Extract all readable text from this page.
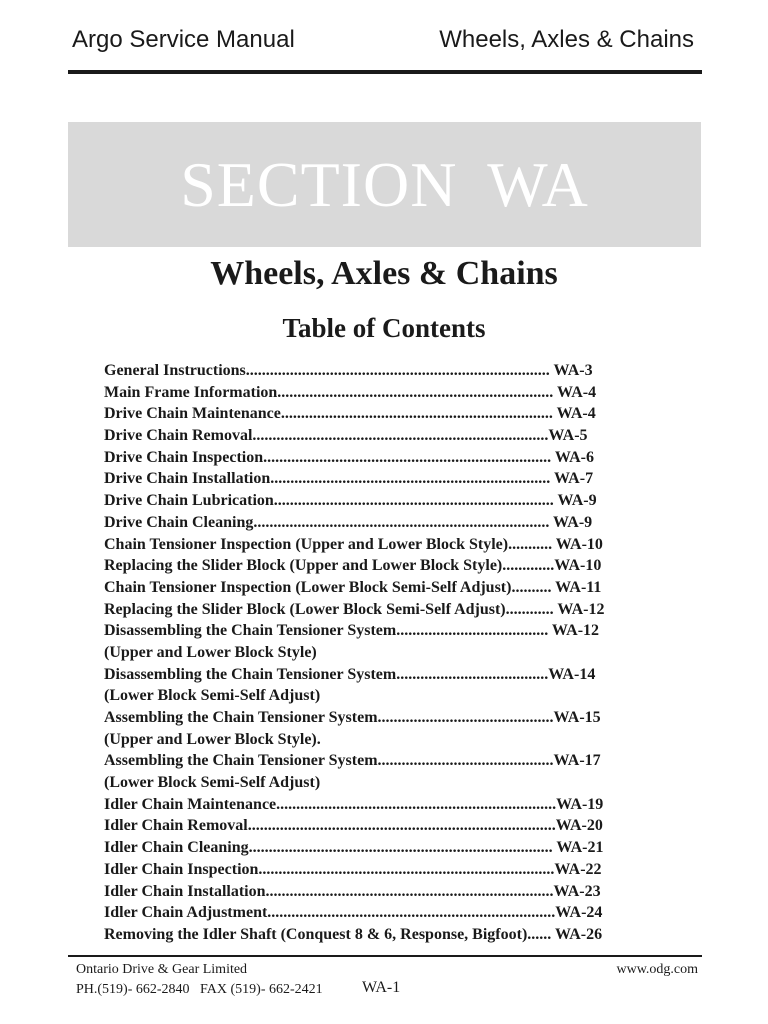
Argo Service Manual	Wheels, Axles & Chains
SECTION WA
Wheels, Axles & Chains
Table of Contents
General Instructions............................................................................ WA-3
Main Frame Information..................................................................... WA-4
Drive Chain Maintenance.................................................................... WA-4
Drive Chain Removal..........................................................................WA-5
Drive Chain Inspection........................................................................ WA-6
Drive Chain Installation...................................................................... WA-7
Drive Chain Lubrication...................................................................... WA-9
Drive Chain Cleaning.......................................................................... WA-9
Chain Tensioner Inspection (Upper and Lower Block Style)........... WA-10
Replacing the Slider Block (Upper and Lower Block Style).............WA-10
Chain Tensioner Inspection (Lower Block Semi-Self Adjust).......... WA-11
Replacing the Slider Block (Lower Block Semi-Self Adjust)............ WA-12
Disassembling the Chain Tensioner System...................................... WA-12
(Upper and Lower Block Style)
Disassembling the Chain Tensioner System......................................WA-14
(Lower Block Semi-Self Adjust)
Assembling the Chain Tensioner System............................................WA-15
(Upper and Lower Block Style).
Assembling the Chain Tensioner System............................................WA-17
(Lower Block Semi-Self Adjust)
Idler Chain Maintenance......................................................................WA-19
Idler Chain Removal.............................................................................WA-20
Idler Chain Cleaning............................................................................ WA-21
Idler Chain Inspection..........................................................................WA-22
Idler Chain Installation........................................................................WA-23
Idler Chain Adjustment........................................................................WA-24
Removing the Idler Shaft (Conquest 8 & 6, Response, Bigfoot)...... WA-26
Ontario Drive & Gear Limited
PH.(519)- 662-2840   FAX (519)- 662-2421 WA-1
www.odg.com
